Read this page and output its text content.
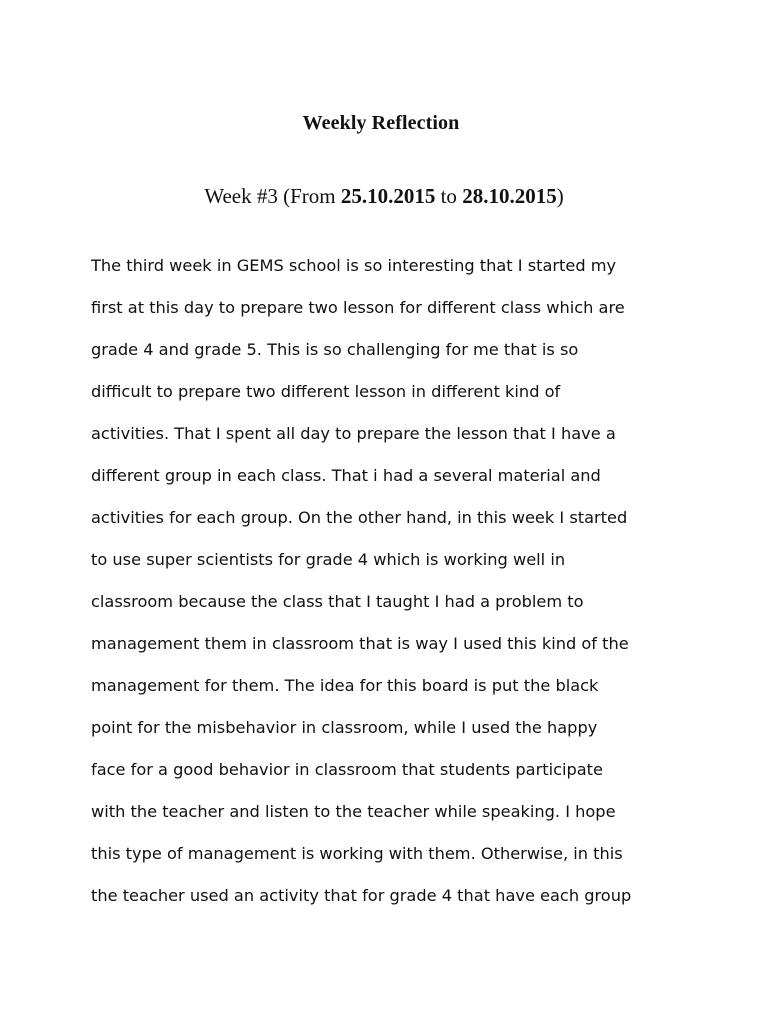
Weekly Reflection
Week #3 (From 25.10.2015 to 28.10.2015)
The third week in GEMS school is so interesting that I started my
first at this day to prepare two lesson for different class which are
grade 4 and grade 5. This is so challenging for me that is so
difficult to prepare two different lesson in different kind of
activities. That I spent all day to prepare the lesson that I have a
different group in each class. That i had a several material and
activities for each group. On the other hand, in this week I started
to use super scientists for grade 4 which is working well in
classroom because the class that I taught I had a problem to
management them in classroom that is way I used this kind of the
management for them. The idea for this board is put the black
point for the misbehavior in classroom, while I used the happy
face for a good behavior in classroom that students participate
with the teacher and listen to the teacher while speaking. I hope
this type of management is working with them. Otherwise, in this
the teacher used an activity that for grade 4 that have each group
